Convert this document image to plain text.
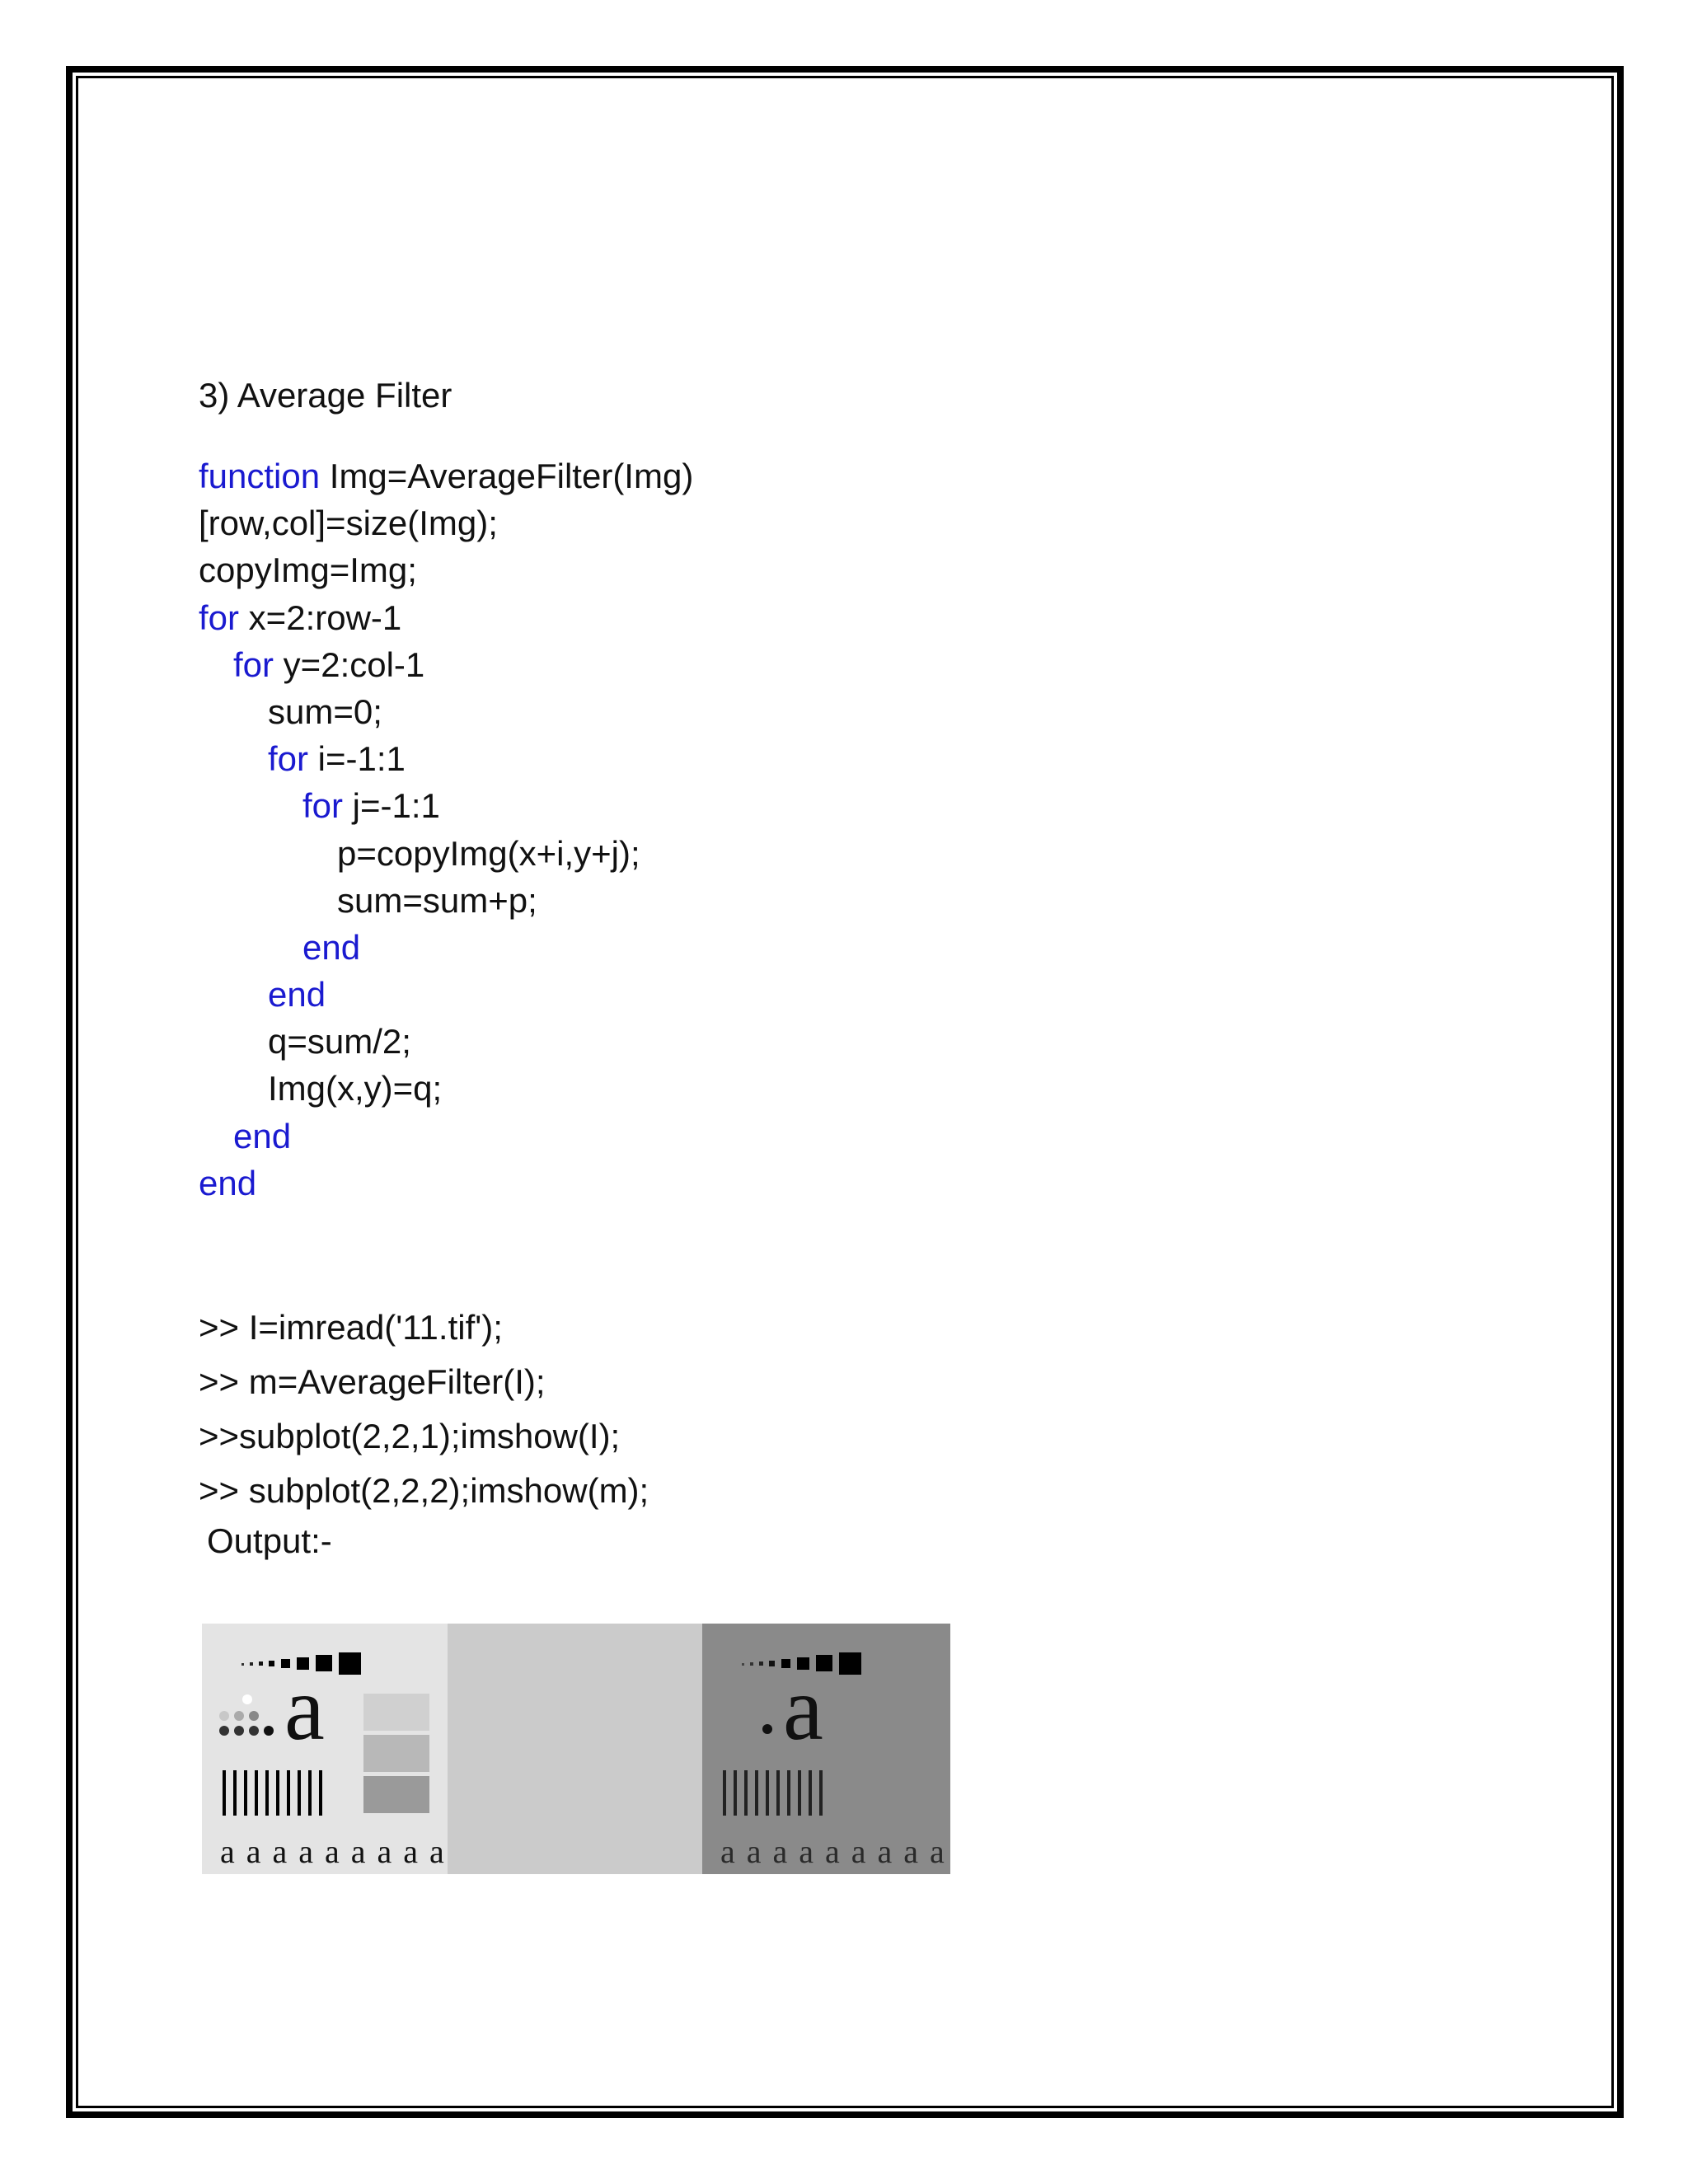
3) Average Filter
function Img=AverageFilter(Img)
[row,col]=size(Img);
copyImg=Img;
for x=2:row-1
for y=2:col-1
sum=0;
for i=-1:1
for j=-1:1
p=copyImg(x+i,y+j);
sum=sum+p;
end
end
q=sum/2;
Img(x,y)=q;
end
end
>> I=imread('11.tif');
>> m=AverageFilter(I);
>>subplot(2,2,1);imshow(I);
>> subplot(2,2,2);imshow(m);
Output:-
a
a a a a a a a a a
a
a a a a a a a a a
